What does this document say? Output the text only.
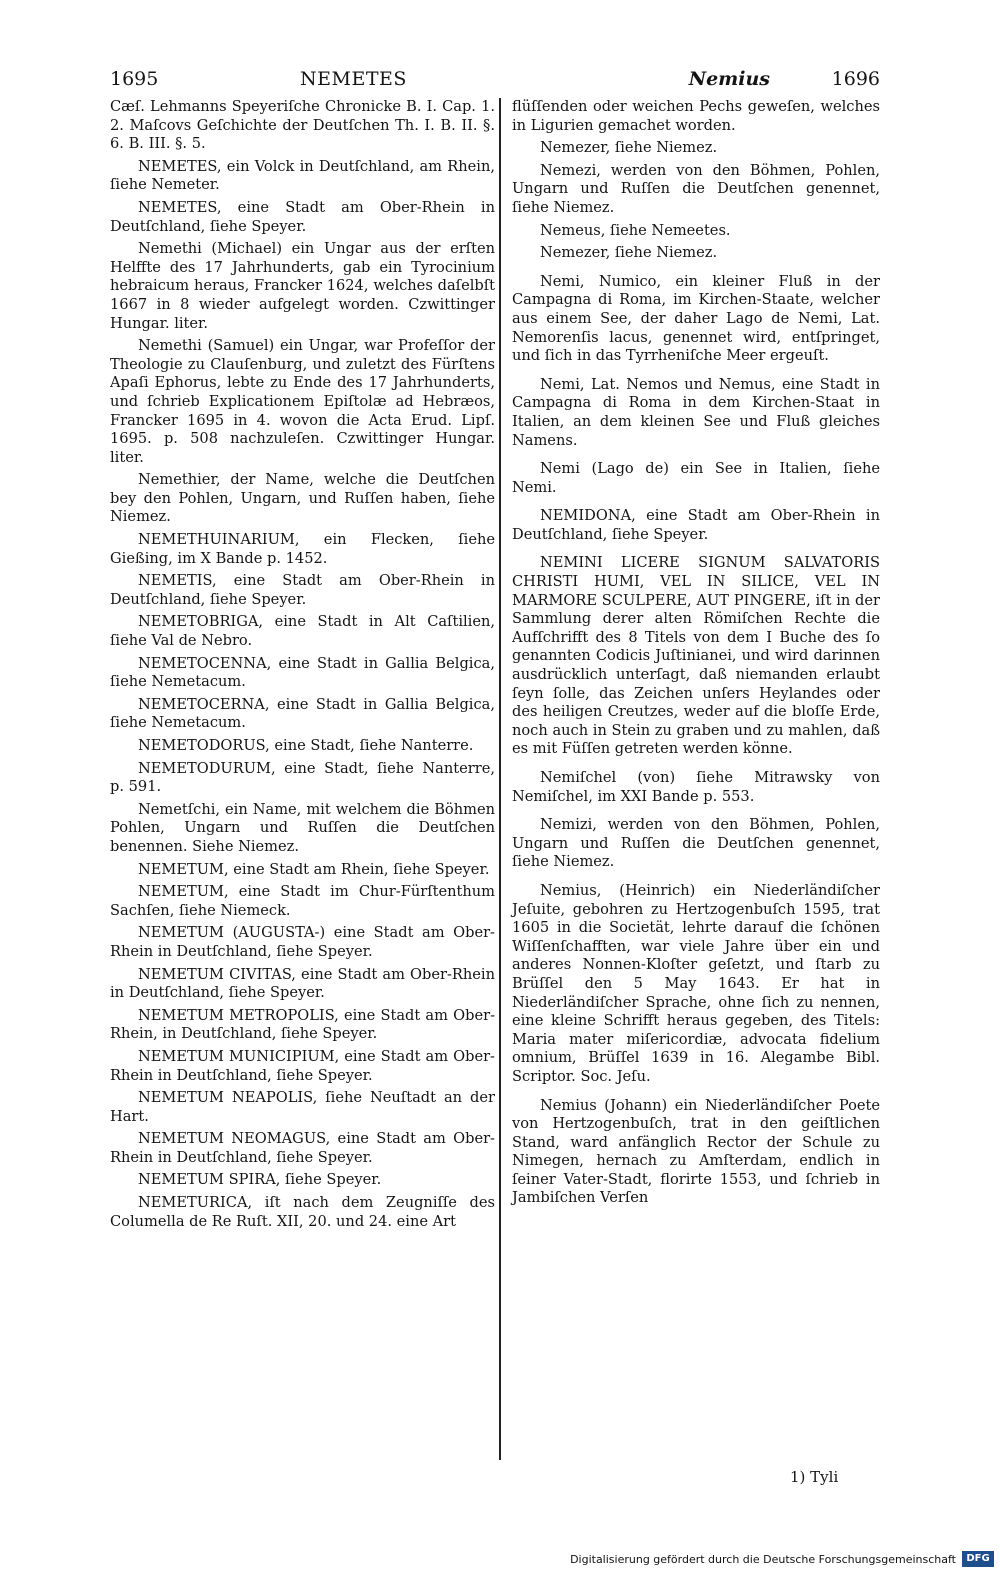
1695	NEMETES	Nemius	1696

Cæſ. Lehmanns Speyeriſche Chronicke B. I. Cap. 1. 2. Maſcovs Geſchichte der Deutſchen Th. I. B. II. §. 6. B. III. §. 5.

NEMETES, ein Volck in Deutſchland, am Rhein, ſiehe Nemeter.

NEMETES, eine Stadt am Ober-Rhein in Deutſchland, ſiehe Speyer.

Nemethi (Michael) ein Ungar aus der erſten Helffte des 17 Jahrhunderts, gab ein Tyrocinium hebraicum heraus, Francker 1624, welches daſelbſt 1667 in 8 wieder aufgelegt worden. Czwittinger Hungar. liter.

Nemethi (Samuel) ein Ungar, war Profeſſor der Theologie zu Clauſenburg, und zuletzt des Fürſtens Apaſi Ephorus, lebte zu Ende des 17 Jahrhunderts, und ſchrieb Explicationem Epiſtolæ ad Hebræos, Francker 1695 in 4. wovon die Acta Erud. Lipſ. 1695. p. 508 nachzuleſen. Czwittinger Hungar. liter.

Nemethier, der Name, welche die Deutſchen bey den Pohlen, Ungarn, und Ruſſen haben, ſiehe Niemez.

NEMETHUINARIUM, ein Flecken, ſiehe Gießing, im X Bande p. 1452.

NEMETIS, eine Stadt am Ober-Rhein in Deutſchland, ſiehe Speyer.

NEMETOBRIGA, eine Stadt in Alt Caſtilien, ſiehe Val de Nebro.

NEMETOCENNA, eine Stadt in Gallia Belgica, ſiehe Nemetacum.

NEMETOCERNA, eine Stadt in Gallia Belgica, ſiehe Nemetacum.

NEMETODORUS, eine Stadt, ſiehe Nanterre.

NEMETODURUM, eine Stadt, ſiehe Nanterre, p. 591.

Nemetſchi, ein Name, mit welchem die Böhmen Pohlen, Ungarn und Ruſſen die Deutſchen benennen. Siehe Niemez.

NEMETUM, eine Stadt am Rhein, ſiehe Speyer.

NEMETUM, eine Stadt im Chur-Fürſtenthum Sachſen, ſiehe Niemeck.

NEMETUM (AUGUSTA-) eine Stadt am Ober-Rhein in Deutſchland, ſiehe Speyer.

NEMETUM CIVITAS, eine Stadt am Ober-Rhein in Deutſchland, ſiehe Speyer.

NEMETUM METROPOLIS, eine Stadt am Ober-Rhein, in Deutſchland, ſiehe Speyer.

NEMETUM MUNICIPIUM, eine Stadt am Ober-Rhein in Deutſchland, ſiehe Speyer.

NEMETUM NEAPOLIS, ſiehe Neuſtadt an der Hart.

NEMETUM NEOMAGUS, eine Stadt am Ober-Rhein in Deutſchland, ſiehe Speyer.

NEMETUM SPIRA, ſiehe Speyer.

NEMETURICA, iſt nach dem Zeugniſſe des Columella de Re Ruſt. XII, 20. und 24. eine Art

flüſſenden oder weichen Pechs geweſen, welches in Ligurien gemachet worden.

Nemezer, ſiehe Niemez.

Nemezi, werden von den Böhmen, Pohlen, Ungarn und Ruſſen die Deutſchen genennet, ſiehe Niemez.

Nemeus, ſiehe Nemeetes.

Nemezer, ſiehe Niemez.

Nemi, Numico, ein kleiner Fluß in der Campagna di Roma, im Kirchen-Staate, welcher aus einem See, der daher Lago de Nemi, Lat. Nemorenſis lacus, genennet wird, entſpringet, und ſich in das Tyrrheniſche Meer ergeuſt.

Nemi, Lat. Nemos und Nemus, eine Stadt in Campagna di Roma in dem Kirchen-Staat in Italien, an dem kleinen See und Fluß gleiches Namens.

Nemi (Lago de) ein See in Italien, ſiehe Nemi.

NEMIDONA, eine Stadt am Ober-Rhein in Deutſchland, ſiehe Speyer.

NEMINI LICERE SIGNUM SALVATORIS CHRISTI HUMI, VEL IN SILICE, VEL IN MARMORE SCULPERE, AUT PINGERE, iſt in der Sammlung derer alten Römiſchen Rechte die Aufſchrifft des 8 Titels von dem I Buche des ſo genannten Codicis Juſtinianei, und wird darinnen ausdrücklich unterſagt, daß niemanden erlaubt ſeyn ſolle, das Zeichen unſers Heylandes oder des heiligen Creutzes, weder auf die bloſſe Erde, noch auch in Stein zu graben und zu mahlen, daß es mit Füſſen getreten werden könne.

Nemiſchel (von) ſiehe Mitrawsky von Nemiſchel, im XXI Bande p. 553.

Nemizi, werden von den Böhmen, Pohlen, Ungarn und Ruſſen die Deutſchen genennet, ſiehe Niemez.

Nemius, (Heinrich) ein Niederländiſcher Jeſuite, gebohren zu Hertzogenbuſch 1595, trat 1605 in die Societät, lehrte darauf die ſchönen Wiſſenſchafften, war viele Jahre über ein und anderes Nonnen-Kloſter geſetzt, und ſtarb zu Brüſſel den 5 May 1643. Er hat in Niederländiſcher Sprache, ohne ſich zu nennen, eine kleine Schrifft heraus gegeben, des Titels: Maria mater miſericordiæ, advocata fidelium omnium, Brüſſel 1639 in 16. Alegambe Bibl. Scriptor. Soc. Jeſu.

Nemius (Johann) ein Niederländiſcher Poete von Hertzogenbuſch, trat in den geiſtlichen Stand, ward anfänglich Rector der Schule zu Nimegen, hernach zu Amſterdam, endlich in ſeiner Vater-Stadt, florirte 1553, und ſchrieb in Jambiſchen Verſen

1) Tyli
Digitalisierung gefördert durch die Deutsche Forschungsgemeinschaft	DFG
